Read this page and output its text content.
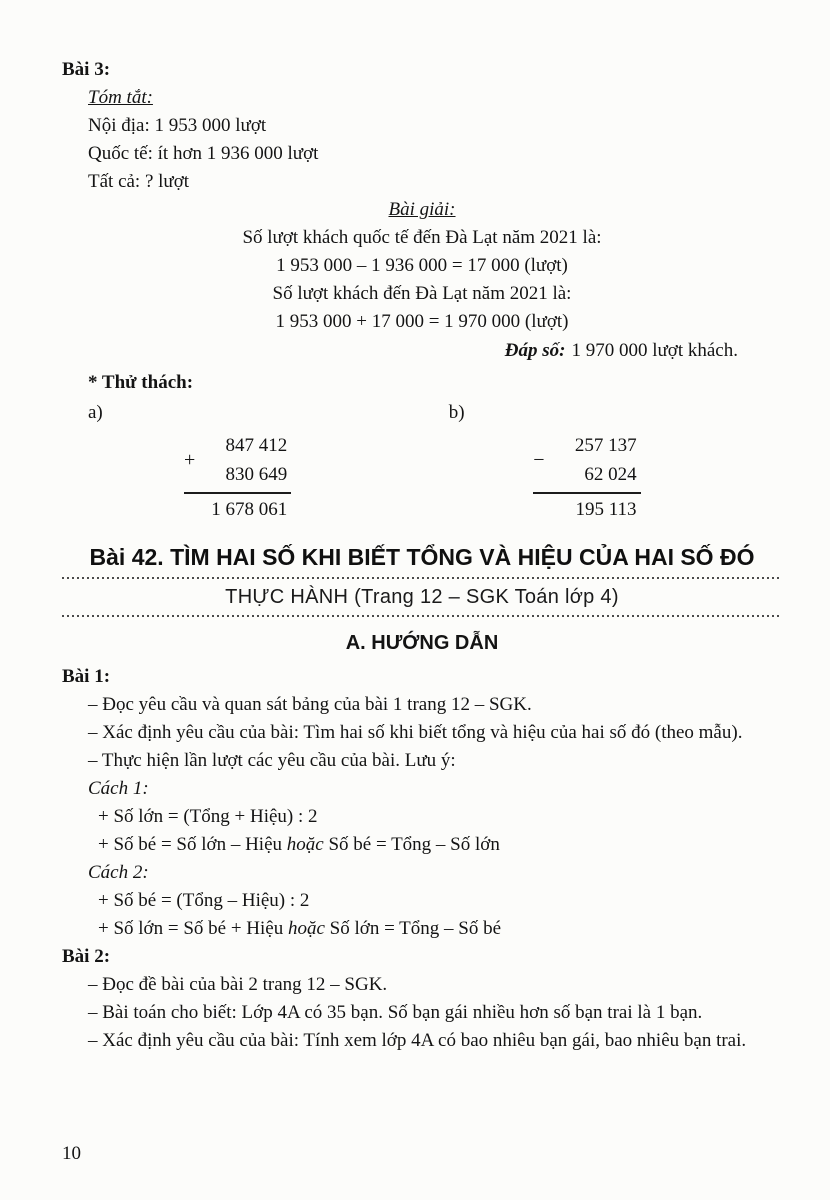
Bài 3:

Tóm tắt:

Nội địa: 1 953 000 lượt

Quốc tế: ít hơn 1 936 000 lượt

Tất cả: ? lượt

Bài giải:

Số lượt khách quốc tế đến Đà Lạt năm 2021 là:

1 953 000 – 1 936 000 = 17 000 (lượt)

Số lượt khách đến Đà Lạt năm 2021 là:

1 953 000 + 17 000 = 1 970 000 (lượt)

Đáp số: 1 970 000 lượt khách.

* Thử thách:

a)	b)
+
847 412
830 649
1 678 061
−
257 137
62 024
195 113
Bài 42. TÌM HAI SỐ KHI BIẾT TỔNG VÀ HIỆU CỦA HAI SỐ ĐÓ
THỰC HÀNH (Trang 12 – SGK Toán lớp 4)
A. HƯỚNG DẪN
Bài 1:

– Đọc yêu cầu và quan sát bảng của bài 1 trang 12 – SGK.

– Xác định yêu cầu của bài: Tìm hai số khi biết tổng và hiệu của hai số đó (theo mẫu).

– Thực hiện lần lượt các yêu cầu của bài. Lưu ý:

Cách 1:

+ Số lớn = (Tổng + Hiệu) : 2

+ Số bé = Số lớn – Hiệu hoặc Số bé = Tổng – Số lớn

Cách 2:

+ Số bé = (Tổng – Hiệu) : 2

+ Số lớn = Số bé + Hiệu hoặc Số lớn = Tổng – Số bé

Bài 2:

– Đọc đề bài của bài 2 trang 12 – SGK.

– Bài toán cho biết: Lớp 4A có 35 bạn. Số bạn gái nhiều hơn số bạn trai là 1 bạn.

– Xác định yêu cầu của bài: Tính xem lớp 4A có bao nhiêu bạn gái, bao nhiêu bạn trai.

10
